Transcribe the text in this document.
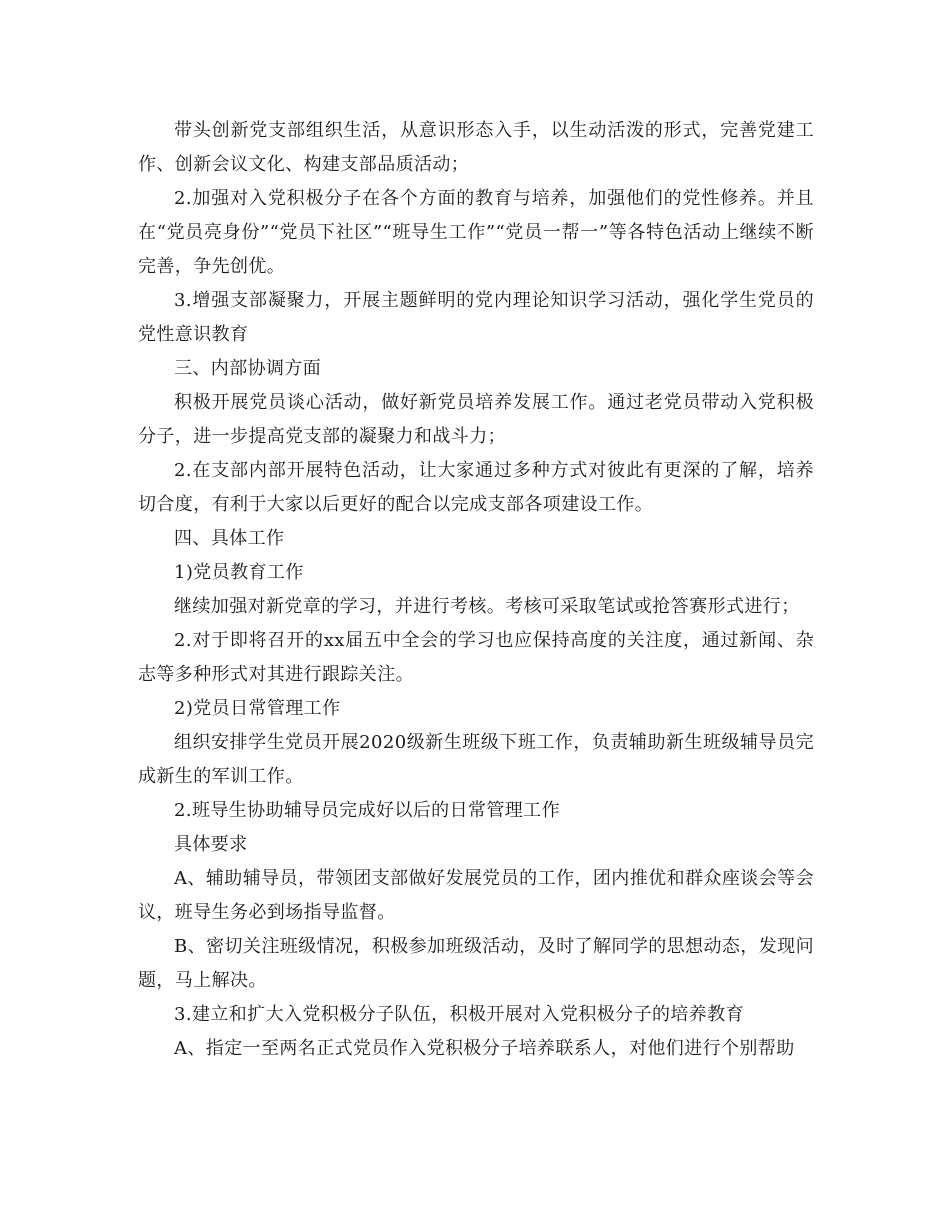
带头创新党支部组织生活，从意识形态入手，以生动活泼的形式，完善党建工作、创新会议文化、构建支部品质活动；

2.加强对入党积极分子在各个方面的教育与培养，加强他们的党性修养。并且在“党员亮身份”“党员下社区”“班导生工作”“党员一帮一”等各特色活动上继续不断完善，争先创优。

3.增强支部凝聚力，开展主题鲜明的党内理论知识学习活动，强化学生党员的党性意识教育

三、内部协调方面

积极开展党员谈心活动，做好新党员培养发展工作。通过老党员带动入党积极分子，进一步提高党支部的凝聚力和战斗力；

2.在支部内部开展特色活动，让大家通过多种方式对彼此有更深的了解，培养切合度，有利于大家以后更好的配合以完成支部各项建设工作。

四、具体工作

1)党员教育工作

继续加强对新党章的学习，并进行考核。考核可采取笔试或抢答赛形式进行；

2.对于即将召开的xx届五中全会的学习也应保持高度的关注度，通过新闻、杂志等多种形式对其进行跟踪关注。

2)党员日常管理工作

组织安排学生党员开展2020级新生班级下班工作，负责辅助新生班级辅导员完成新生的军训工作。

2.班导生协助辅导员完成好以后的日常管理工作

具体要求

A、辅助辅导员，带领团支部做好发展党员的工作，团内推优和群众座谈会等会议，班导生务必到场指导监督。

B、密切关注班级情况，积极参加班级活动，及时了解同学的思想动态，发现问题，马上解决。

3.建立和扩大入党积极分子队伍，积极开展对入党积极分子的培养教育

A、指定一至两名正式党员作入党积极分子培养联系人，对他们进行个别帮助
